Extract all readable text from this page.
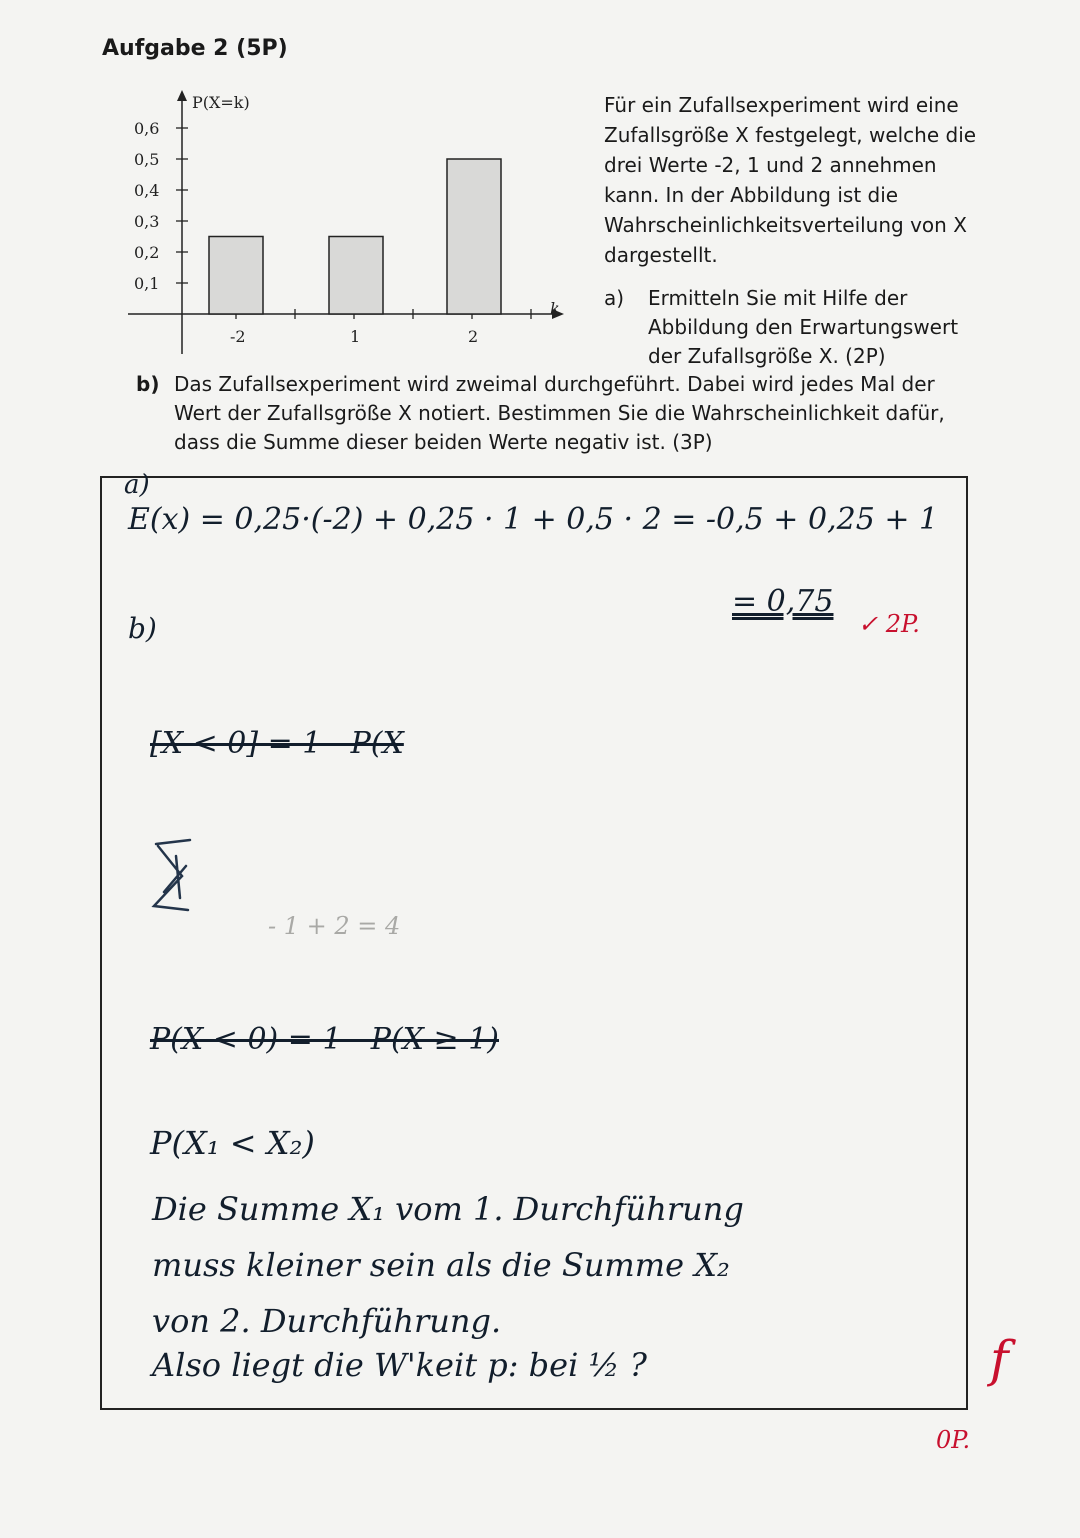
Aufgabe 2 (5P)
P(X=k)
k
0,1
0,2
0,3
0,4
0,5
0,6
-2	1	2

Für ein Zufallsexperiment wird eine Zufallsgröße X festgelegt, welche die drei Werte -2, 1 und 2 annehmen kann. In der Abbildung ist die Wahrscheinlichkeitsverteilung von X dargestellt.

a)	Ermitteln Sie mit Hilfe der Abbildung den Erwartungswert der Zufallsgröße X. (2P)
b) Das Zufallsexperiment wird zweimal durchgeführt. Dabei wird jedes Mal der Wert der Zufallsgröße X notiert. Bestimmen Sie die Wahrscheinlichkeit dafür, dass die Summe dieser beiden Werte negativ ist. (3P)
a)
E(x) = 0,25·(-2) + 0,25 · 1 + 0,5 · 2 = -0,5 + 0,25 + 1
= 0,75
✓ 2P.
b)
[X < 0] = 1 - P(X
- 1 + 2 = 4
P(X < 0) = 1 - P(X ≥ 1)
P(X₁ < X₂)
Die Summe X₁ vom 1. Durchführung
muss kleiner sein als die Summe X₂
von 2. Durchführung.
Also liegt die W'keit p: bei ½ ?	f
0P.
